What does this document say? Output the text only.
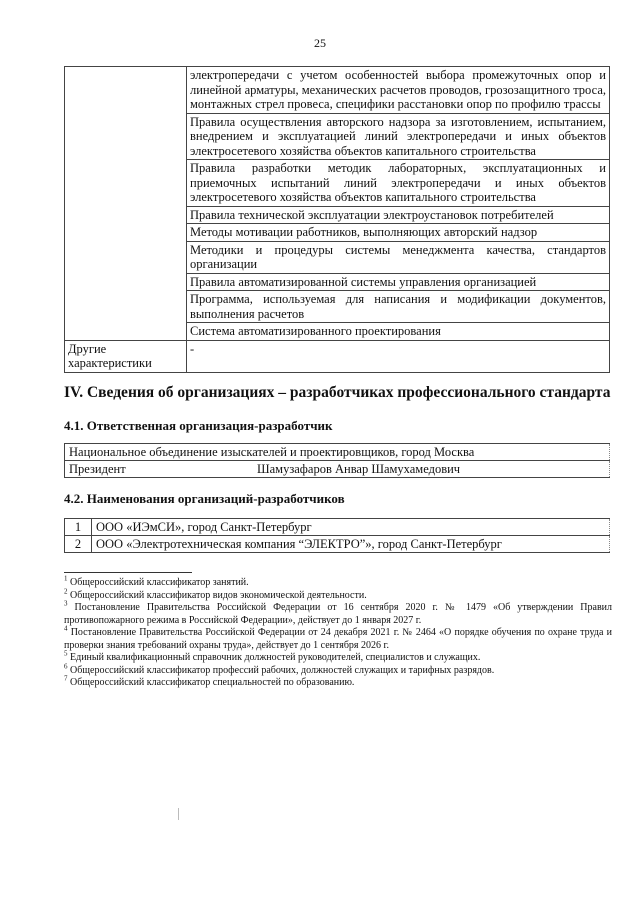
25
	электропередачи с учетом особенностей выбора промежуточных опор и линейной арматуры, механических расчетов проводов, грозозащитного троса, монтажных стрел провеса, специфики расстановки опор по профилю трассы
	Правила осуществления авторского надзора за изготовлением, испытанием, внедрением и эксплуатацией линий электропередачи и иных объектов электросетевого хозяйства объектов капитального строительства
	Правила разработки методик лабораторных, эксплуатационных и приемочных испытаний линий электропередачи и иных объектов электросетевого хозяйства объектов капитального строительства
	Правила технической эксплуатации электроустановок потребителей
	Методы мотивации работников, выполняющих авторский надзор
	Методики и процедуры системы менеджмента качества, стандартов организации
	Правила автоматизированной системы управления организацией
	Программа, используемая для написания и модификации документов, выполнения расчетов
	Система автоматизированного проектирования
Другие характеристики	-
IV. Сведения об организациях – разработчиках профессионального стандарта
4.1. Ответственная организация-разработчик
Национальное объединение изыскателей и проектировщиков, город Москва
Президент	Шамузафаров Анвар Шамухамедович
4.2. Наименования организаций-разработчиков
1	ООО «ИЭмСИ», город Санкт-Петербург
2	ООО «Электротехническая компания “ЭЛЕКТРО”», город Санкт-Петербург
$^1$ Общероссийский классификатор занятий.
$^2$ Общероссийский классификатор видов экономической деятельности.
$^3$ Постановление Правительства Российской Федерации от 16 сентября 2020 г. № 1479 «Об утверждении Правил противопожарного режима в Российской Федерации», действует до 1 января 2027 г.
$^4$ Постановление Правительства Российской Федерации от 24 декабря 2021 г. № 2464 «О порядке обучения по охране труда и проверки знания требований охраны труда», действует до 1 сентября 2026 г.
$^5$ Единый квалификационный справочник должностей руководителей, специалистов и служащих.
$^6$ Общероссийский классификатор профессий рабочих, должностей служащих и тарифных разрядов.
$^7$ Общероссийский классификатор специальностей по образованию.
